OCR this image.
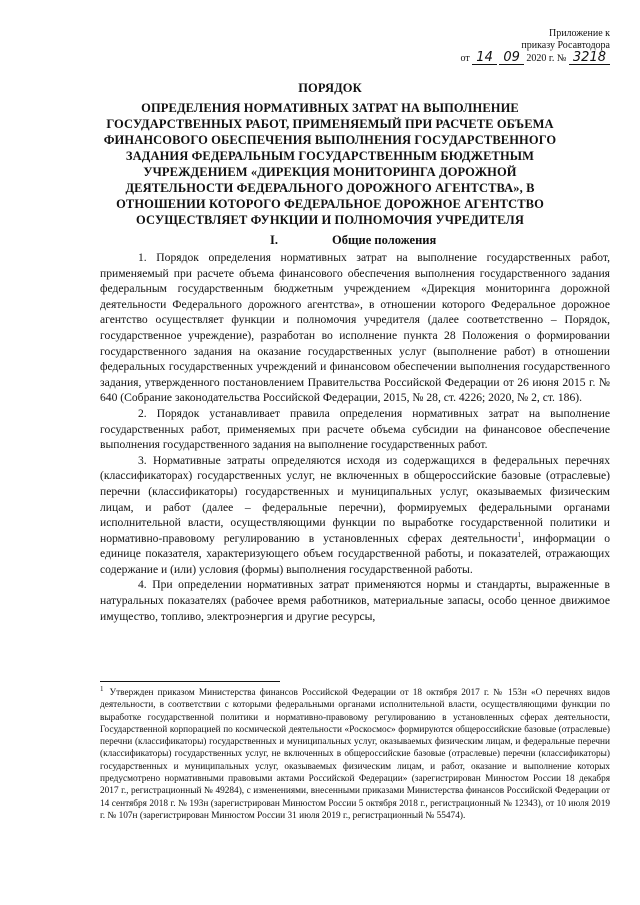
Приложение к
приказу Росавтодора
от 14 09 2020 г. № 3218
ПОРЯДОК
ОПРЕДЕЛЕНИЯ НОРМАТИВНЫХ ЗАТРАТ НА ВЫПОЛНЕНИЕ ГОСУДАРСТВЕННЫХ РАБОТ, ПРИМЕНЯЕМЫЙ ПРИ РАСЧЕТЕ ОБЪЕМА ФИНАНСОВОГО ОБЕСПЕЧЕНИЯ ВЫПОЛНЕНИЯ ГОСУДАРСТВЕННОГО ЗАДАНИЯ ФЕДЕРАЛЬНЫМ ГОСУДАРСТВЕННЫМ БЮДЖЕТНЫМ УЧРЕЖДЕНИЕМ «ДИРЕКЦИЯ МОНИТОРИНГА ДОРОЖНОЙ ДЕЯТЕЛЬНОСТИ ФЕДЕРАЛЬНОГО ДОРОЖНОГО АГЕНТСТВА», В ОТНОШЕНИИ КОТОРОГО ФЕДЕРАЛЬНОЕ ДОРОЖНОЕ АГЕНТСТВО ОСУЩЕСТВЛЯЕТ ФУНКЦИИ И ПОЛНОМОЧИЯ УЧРЕДИТЕЛЯ
I.	Общие положения

1. Порядок определения нормативных затрат на выполнение государственных работ, применяемый при расчете объема финансового обеспечения выполнения государственного задания федеральным государственным бюджетным учреждением «Дирекция мониторинга дорожной деятельности Федерального дорожного агентства», в отношении которого Федеральное дорожное агентство осуществляет функции и полномочия учредителя (далее соответственно – Порядок, государственное учреждение), разработан во исполнение пункта 28 Положения о формировании государственного задания на оказание государственных услуг (выполнение работ) в отношении федеральных государственных учреждений и финансовом обеспечении выполнения государственного задания, утвержденного постановлением Правительства Российской Федерации от 26 июня 2015 г. № 640 (Собрание законодательства Российской Федерации, 2015, № 28, ст. 4226; 2020, № 2, ст. 186).

2. Порядок устанавливает правила определения нормативных затрат на выполнение государственных работ, применяемых при расчете объема субсидии на финансовое обеспечение выполнения государственного задания на выполнение государственных работ.

3. Нормативные затраты определяются исходя из содержащихся в федеральных перечнях (классификаторах) государственных услуг, не включенных в общероссийские базовые (отраслевые) перечни (классификаторы) государственных и муниципальных услуг, оказываемых физическим лицам, и работ (далее – федеральные перечни), формируемых федеральными органами исполнительной власти, осуществляющими функции по выработке государственной политики и нормативно-правовому регулированию в установленных сферах деятельности$^1$, информации о единице показателя, характеризующего объем государственной работы, и показателей, отражающих содержание и (или) условия (формы) выполнения государственной работы.

4. При определении нормативных затрат применяются нормы и стандарты, выраженные в натуральных показателях (рабочее время работников, материальные запасы, особо ценное движимое имущество, топливо, электроэнергия и другие ресурсы,

$^1$ Утвержден приказом Министерства финансов Российской Федерации от 18 октября 2017 г. № 153н «О перечнях видов деятельности, в соответствии с которыми федеральными органами исполнительной власти, осуществляющими функции по выработке государственной политики и нормативно-правовому регулированию в установленных сферах деятельности, Государственной корпорацией по космической деятельности «Роскосмос» формируются общероссийские базовые (отраслевые) перечни (классификаторы) государственных и муниципальных услуг, оказываемых физическим лицам, и федеральные перечни (классификаторы) государственных услуг, не включенных в общероссийские базовые (отраслевые) перечни (классификаторы) государственных и муниципальных услуг, оказываемых физическим лицам, и работ, оказание и выполнение которых предусмотрено нормативными правовыми актами Российской Федерации» (зарегистрирован Минюстом России 18 декабря 2017 г., регистрационный № 49284), с изменениями, внесенными приказами Министерства финансов Российской Федерации от 14 сентября 2018 г. № 193н (зарегистрирован Минюстом России 5 октября 2018 г., регистрационный № 12343), от 10 июля 2019 г. № 107н (зарегистрирован Минюстом России 31 июля 2019 г., регистрационный № 55474).
